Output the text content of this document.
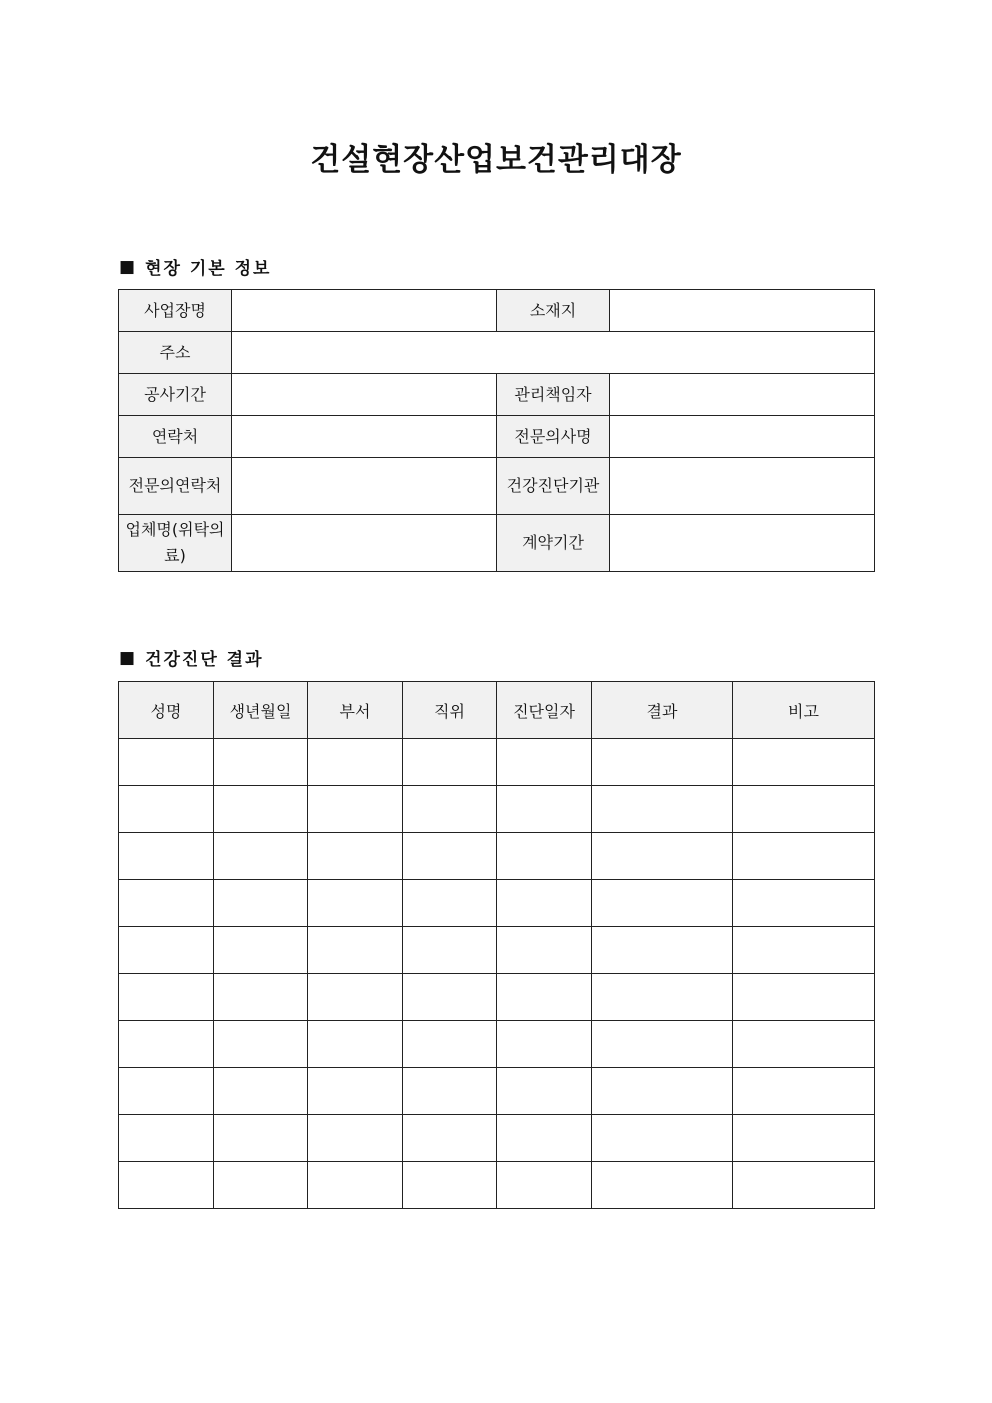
건설현장산업보건관리대장
■ 현장 기본 정보
사업장명		소재지	
주소			
공사기간		관리책임자	
연락처		전문의사명	
전문의연락처		건강진단기관	
업체명(위탁의료)		계약기간	
■ 건강진단 결과
성명	생년월일	부서	직위	진단일자	결과	비고
